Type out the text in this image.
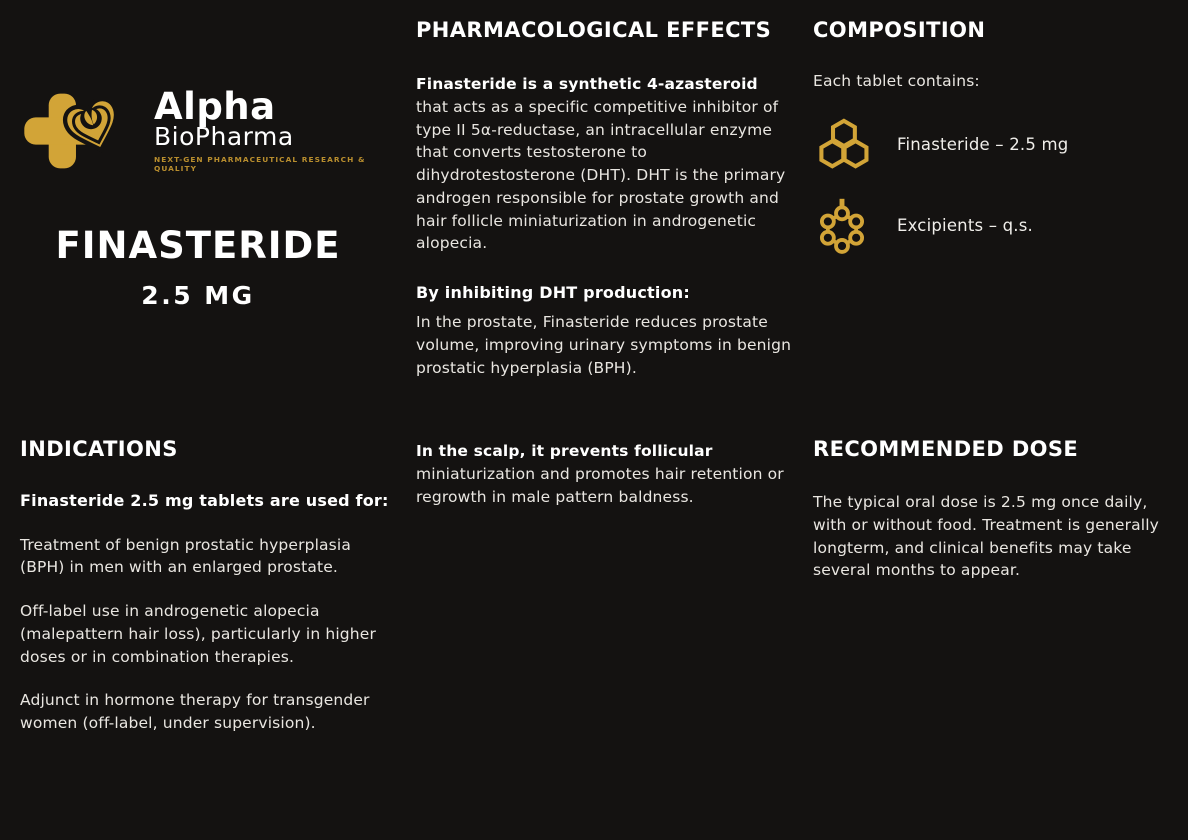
Alpha
BioPharma
NEXT-GEN PHARMACEUTICAL RESEARCH & QUALITY
FINASTERIDE
2.5 MG
PHARMACOLOGICAL EFFECTS

Finasteride is a synthetic 4-azasteroid that acts as a specific competitive inhibitor of type II 5α-reductase, an intracellular enzyme that converts testosterone to dihydrotestosterone (DHT). DHT is the primary androgen responsible for prostate growth and hair follicle miniaturization in androgenetic alopecia.

By inhibiting DHT production:

In the prostate, Finasteride reduces prostate volume, improving urinary symptoms in benign prostatic hyperplasia (BPH).

COMPOSITION

Each tablet contains:

Finasteride – 2.5 mg
Excipients – q.s.
INDICATIONS

Finasteride 2.5 mg tablets are used for:

Treatment of benign prostatic hyperplasia (BPH) in men with an enlarged prostate.

Off-label use in androgenetic alopecia (malepattern hair loss), particularly in higher doses or in combination therapies.

Adjunct in hormone therapy for transgender women (off-label, under supervision).

In the scalp, it prevents follicular miniaturization and promotes hair retention or regrowth in male pattern baldness.

RECOMMENDED DOSE

The typical oral dose is 2.5 mg once daily, with or without food. Treatment is generally longterm, and clinical benefits may take several months to appear.
